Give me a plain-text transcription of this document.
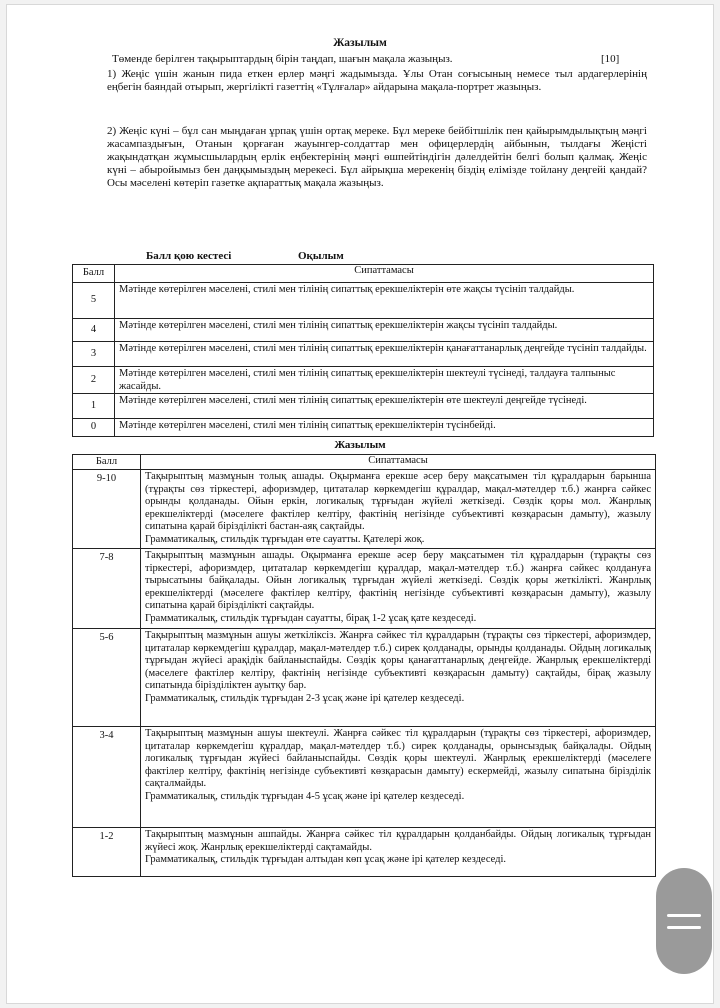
Жазылым
Төменде берілген тақырыптардың бірін таңдап, шағын мақала жазыңыз.	[10]
1) Жеңіс үшін жанын пида еткен ерлер мәңгі жадымызда. Ұлы Отан соғысының немесе тыл ардагерлерінің еңбегін баяндай отырып, жергілікті газеттің «Тұлғалар» айдарына мақала-портрет жазыңыз.
2) Жеңіс күні – бұл сан мыңдаған ұрпақ үшін ортақ мереке. Бұл мереке бейбітшілік пен қайырымдылықтың мәңгі жасампаздығын, Отанын қорғаған жауынгер-солдаттар мен офицерлердің айбынын, тылдағы Жеңісті жақындатқан жұмысшылардың ерлік еңбектерінің мәңгі өшпейтіндігін дәлелдейтін белгі болып қалмақ. Жеңіс күні – абыройымыз бен даңқымыздың мерекесі. Бұл айрықша мерекенің біздің елімізде тойлану деңгейі қандай? Осы мәселені көтеріп газетке ақпараттық мақала жазыңыз.
Балл қою кестесі	Оқылым
Балл	Сипаттамасы
5	Мәтінде көтерілген мәселені, стилі мен тілінің сипаттық ерекшеліктерін өте жақсы түсініп талдайды.
4	Мәтінде көтерілген мәселені, стилі мен тілінің сипаттық ерекшеліктерін жақсы түсініп талдайды.
3	Мәтінде көтерілген мәселені, стилі мен тілінің сипаттық ерекшеліктерін қанағаттанарлық деңгейде түсініп талдайды.
2	Мәтінде көтерілген мәселені, стилі мен тілінің сипаттық ерекшеліктерін шектеулі түсінеді, талдауға талпыныс жасайды.
1	Мәтінде көтерілген мәселені, стилі мен тілінің сипаттық ерекшеліктерін өте шектеулі деңгейде түсінеді.
0	Мәтінде көтерілген мәселені, стилі мен тілінің сипаттық ерекшеліктерін түсінбейді.
Жазылым
Балл	Сипаттамасы
9-10	Тақырыптың мазмұнын толық ашады. Оқырманға ерекше әсер беру мақсатымен тіл құралдарын барынша (тұрақты сөз тіркестері, афоризмдер, цитаталар көркемдегіш құралдар, мақал-мәтелдер т.б.) жанрға сәйкес орынды қолданады. Ойын еркін, логикалық тұрғыдан жүйелі жеткізеді. Сөздік қоры мол. Жанрлық ерекшеліктерді (мәселеге фактілер келтіру, фактінің негізінде субъективті көзқарасын дамыту), жазылу сипатына қарай бірізділікті бастан-аяқ сақтайды.
Грамматикалық, стильдік тұрғыдан өте сауатты. Қателері жоқ.

7-8	Тақырыптың мазмұнын ашады. Оқырманға ерекше әсер беру мақсатымен тіл құралдарын (тұрақты сөз тіркестері, афоризмдер, цитаталар көркемдегіш құралдар, мақал-мәтелдер т.б.) жанрға сәйкес қолдануға тырысатыны байқалады. Ойын логикалық тұрғыдан жүйелі жеткізеді. Сөздік қоры жеткілікті. Жанрлық ерекшеліктерді (мәселеге фактілер келтіру, фактінің негізінде субъективті көзқарасын дамыту), жазылу сипатына қарай бірізділікті сақтайды.
Грамматикалық, стильдік тұрғыдан сауатты, бірақ 1-2 ұсақ қате кездеседі.

5-6	Тақырыптың мазмұнын ашуы жеткіліксіз. Жанрға сәйкес тіл құралдарын (тұрақты сөз тіркестері, афоризмдер, цитаталар көркемдегіш құралдар, мақал-мәтелдер т.б.) сирек қолданады, орынды қолданады. Ойдың логикалық тұрғыдан жүйесі арақідік байланыспайды. Сөздік қоры қанағаттанарлық деңгейде. Жанрлық ерекшеліктерді (мәселеге фактілер келтіру, фактінің негізінде субъективті көзқарасын дамыту) сақтайды, бірақ жазылу сипатында бірізділіктен ауытқу бар.
Грамматикалық, стильдік тұрғыдан 2-3 ұсақ және ірі қателер кездеседі.

3-4	Тақырыптың мазмұнын ашуы шектеулі. Жанрға сәйкес тіл құралдарын (тұрақты сөз тіркестері, афоризмдер, цитаталар көркемдегіш құралдар, мақал-мәтелдер т.б.) сирек қолданады, орынсыздық байқалады. Ойдың логикалық тұрғыдан жүйесі байланыспайды. Сөздік қоры шектеулі. Жанрлық ерекшеліктерді (мәселеге фактілер келтіру, фактінің негізінде субъективті көзқарасын дамыту) ескермейді, жазылу сипатына бірізділік сақталмайды.
Грамматикалық, стильдік тұрғыдан 4-5 ұсақ және ірі қателер кездеседі.

1-2	Тақырыптың мазмұнын ашпайды. Жанрға сәйкес тіл құралдарын қолданбайды. Ойдың логикалық тұрғыдан жүйесі жоқ. Жанрлық ерекшеліктерді сақтамайды.
Грамматикалық, стильдік тұрғыдан алтыдан көп ұсақ және ірі қателер кездеседі.
